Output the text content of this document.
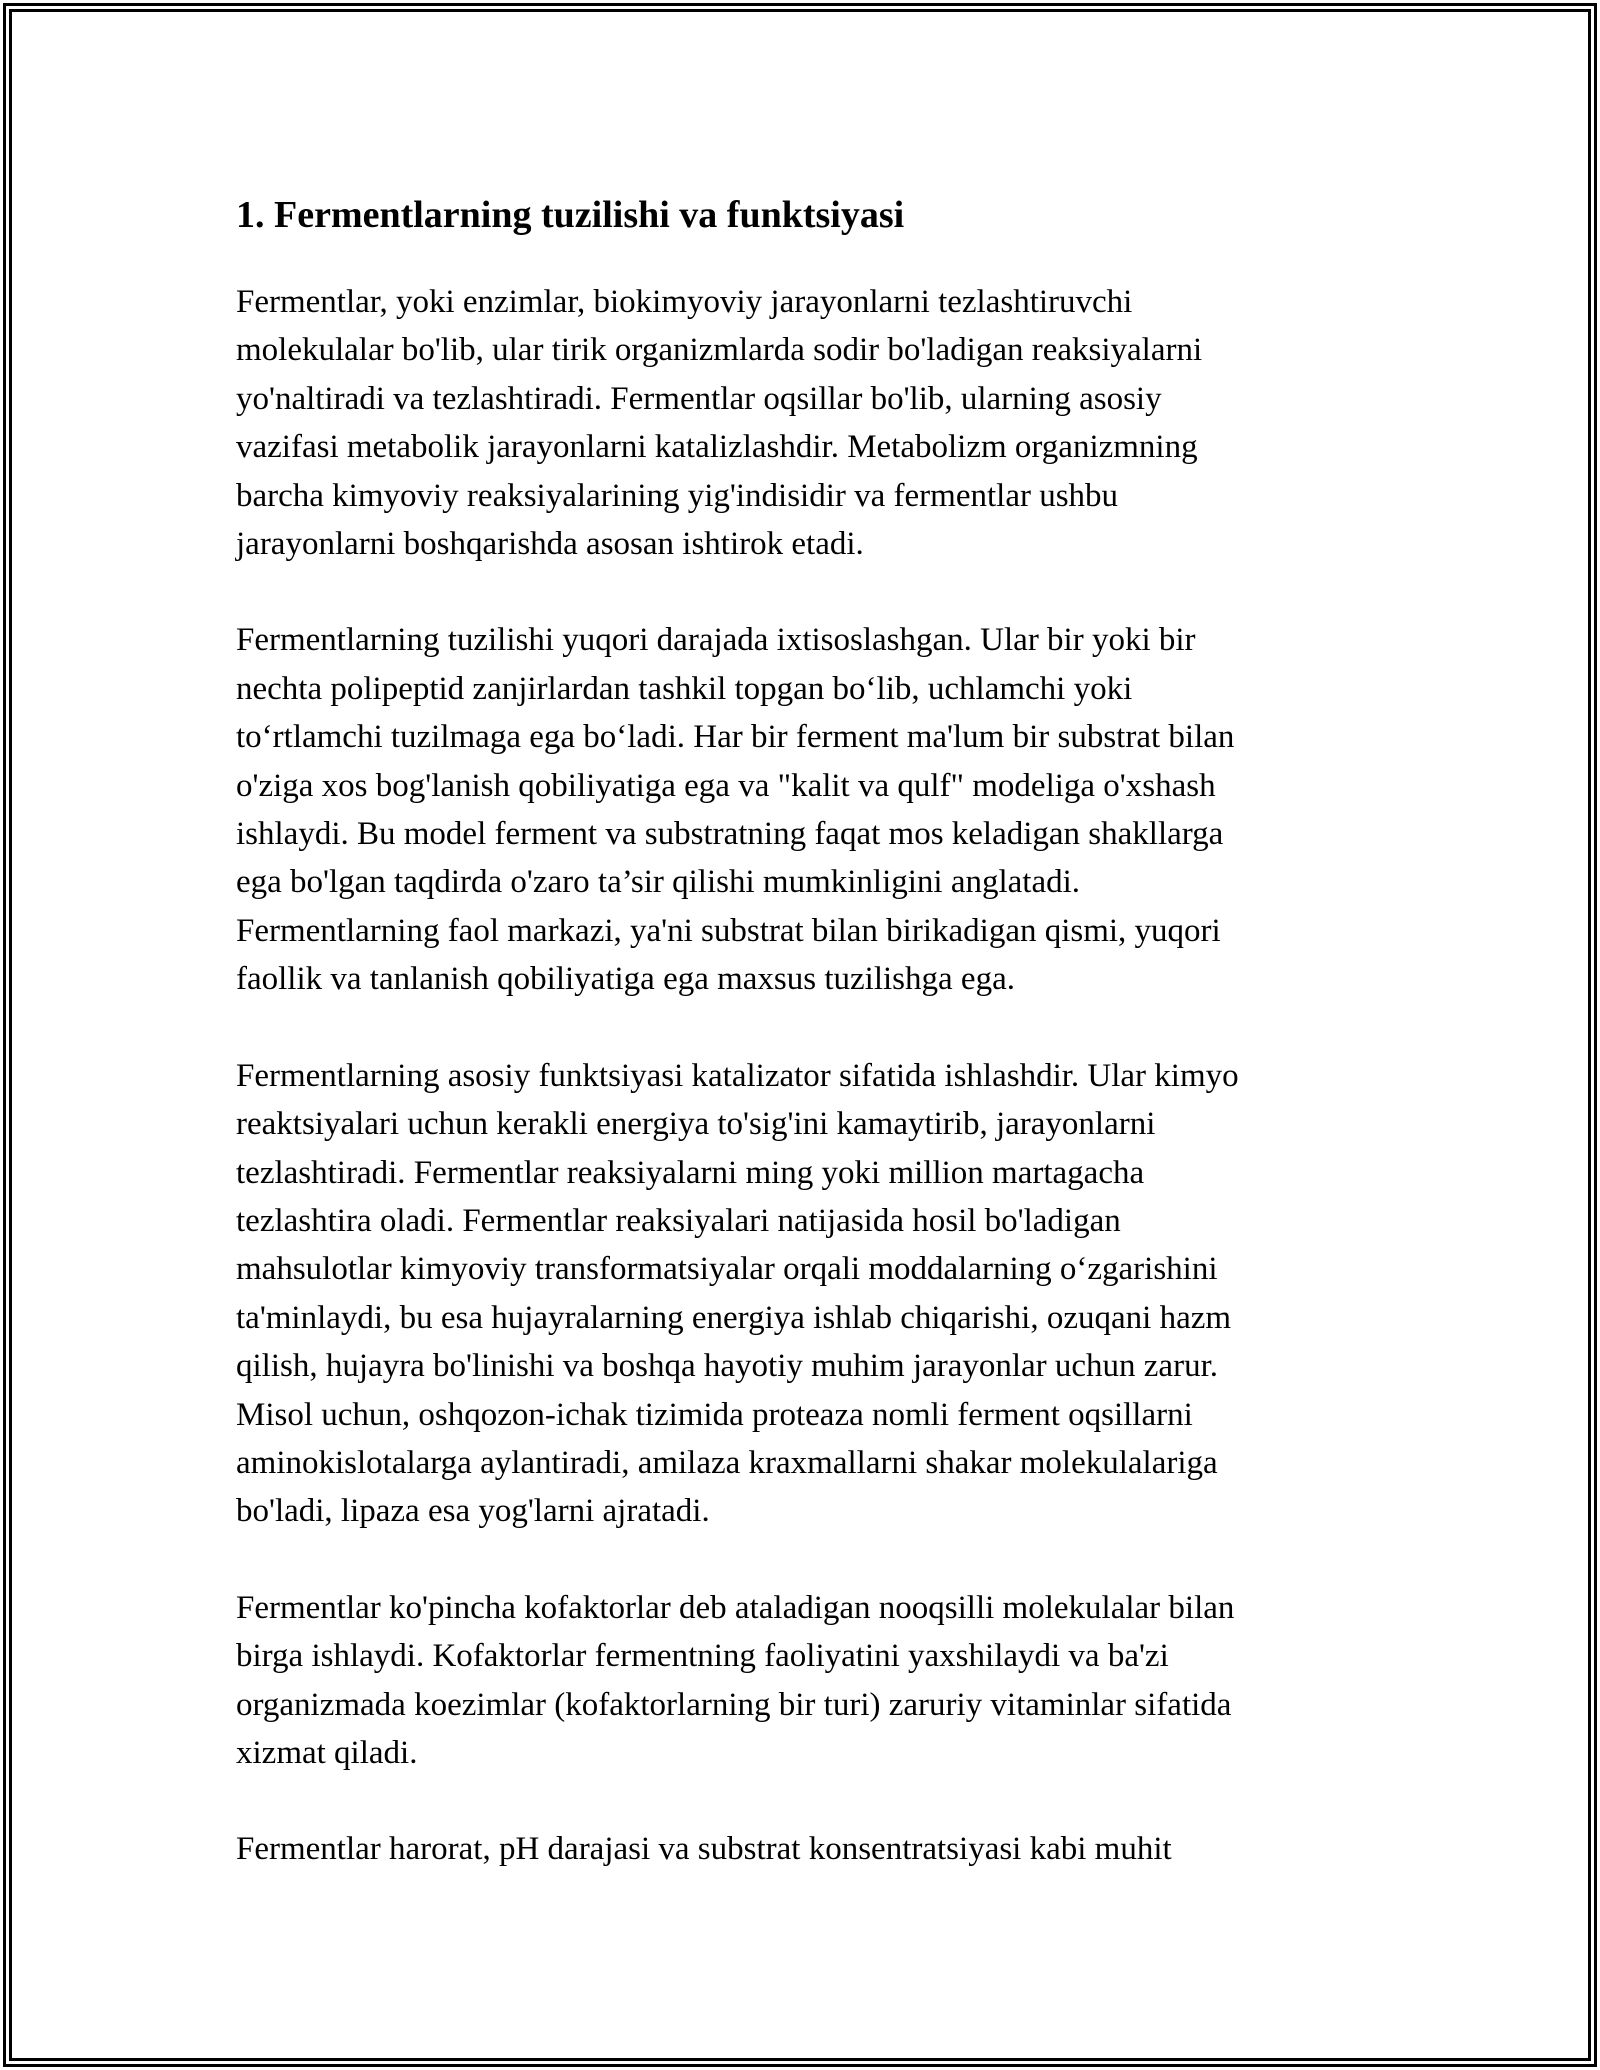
1. Fermentlarning tuzilishi va funktsiyasi

Fermentlar, yoki enzimlar, biokimyoviy jarayonlarni tezlashtiruvchi
molekulalar bo'lib, ular tirik organizmlarda sodir bo'ladigan reaksiyalarni
yo'naltiradi va tezlashtiradi. Fermentlar oqsillar bo'lib, ularning asosiy
vazifasi metabolik jarayonlarni katalizlashdir. Metabolizm organizmning
barcha kimyoviy reaksiyalarining yig'indisidir va fermentlar ushbu
jarayonlarni boshqarishda asosan ishtirok etadi.

Fermentlarning tuzilishi yuqori darajada ixtisoslashgan. Ular bir yoki bir
nechta polipeptid zanjirlardan tashkil topgan bo‘lib, uchlamchi yoki
to‘rtlamchi tuzilmaga ega bo‘ladi. Har bir ferment ma'lum bir substrat bilan
o'ziga xos bog'lanish qobiliyatiga ega va "kalit va qulf" modeliga o'xshash
ishlaydi. Bu model ferment va substratning faqat mos keladigan shakllarga
ega bo'lgan taqdirda o'zaro ta’sir qilishi mumkinligini anglatadi.
Fermentlarning faol markazi, ya'ni substrat bilan birikadigan qismi, yuqori
faollik va tanlanish qobiliyatiga ega maxsus tuzilishga ega.

Fermentlarning asosiy funktsiyasi katalizator sifatida ishlashdir. Ular kimyo
reaktsiyalari uchun kerakli energiya to'sig'ini kamaytirib, jarayonlarni
tezlashtiradi. Fermentlar reaksiyalarni ming yoki million martagacha
tezlashtira oladi. Fermentlar reaksiyalari natijasida hosil bo'ladigan
mahsulotlar kimyoviy transformatsiyalar orqali moddalarning o‘zgarishini
ta'minlaydi, bu esa hujayralarning energiya ishlab chiqarishi, ozuqani hazm
qilish, hujayra bo'linishi va boshqa hayotiy muhim jarayonlar uchun zarur.
Misol uchun, oshqozon-ichak tizimida proteaza nomli ferment oqsillarni
aminokislotalarga aylantiradi, amilaza kraxmallarni shakar molekulalariga
bo'ladi, lipaza esa yog'larni ajratadi.

Fermentlar ko'pincha kofaktorlar deb ataladigan nooqsilli molekulalar bilan
birga ishlaydi. Kofaktorlar fermentning faoliyatini yaxshilaydi va ba'zi
organizmada koezimlar (kofaktorlarning bir turi) zaruriy vitaminlar sifatida
xizmat qiladi.

Fermentlar harorat, pH darajasi va substrat konsentratsiyasi kabi muhit
